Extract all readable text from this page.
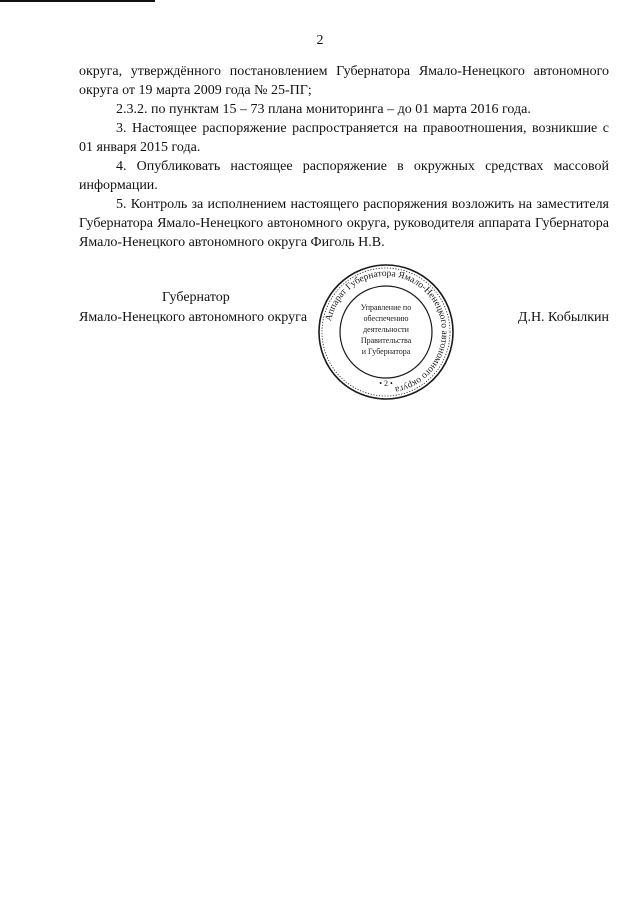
2

округа, утверждённого постановлением Губернатора Ямало-Ненецкого автономного округа от 19 марта 2009 года № 25-ПГ;

2.3.2. по пунктам 15 – 73 плана мониторинга – до 01 марта 2016 года.

3. Настоящее распоряжение распространяется на правоотношения, возникшие с 01 января 2015 года.

4. Опубликовать настоящее распоряжение в окружных средствах массовой информации.

5. Контроль за исполнением настоящего распоряжения возложить на заместителя Губернатора Ямало-Ненецкого автономного округа, руководителя аппарата Губернатора Ямало-Ненецкого автономного округа Фиголь Н.В.

Губернатор
Ямало-Ненецкого автономного округа	Д.Н. Кобылкин
Аппарат Губернатора Ямало-Ненецкого автономного округа
Управление по
обеспечению
деятельности
Правительства
и Губернатора
• 2 •
